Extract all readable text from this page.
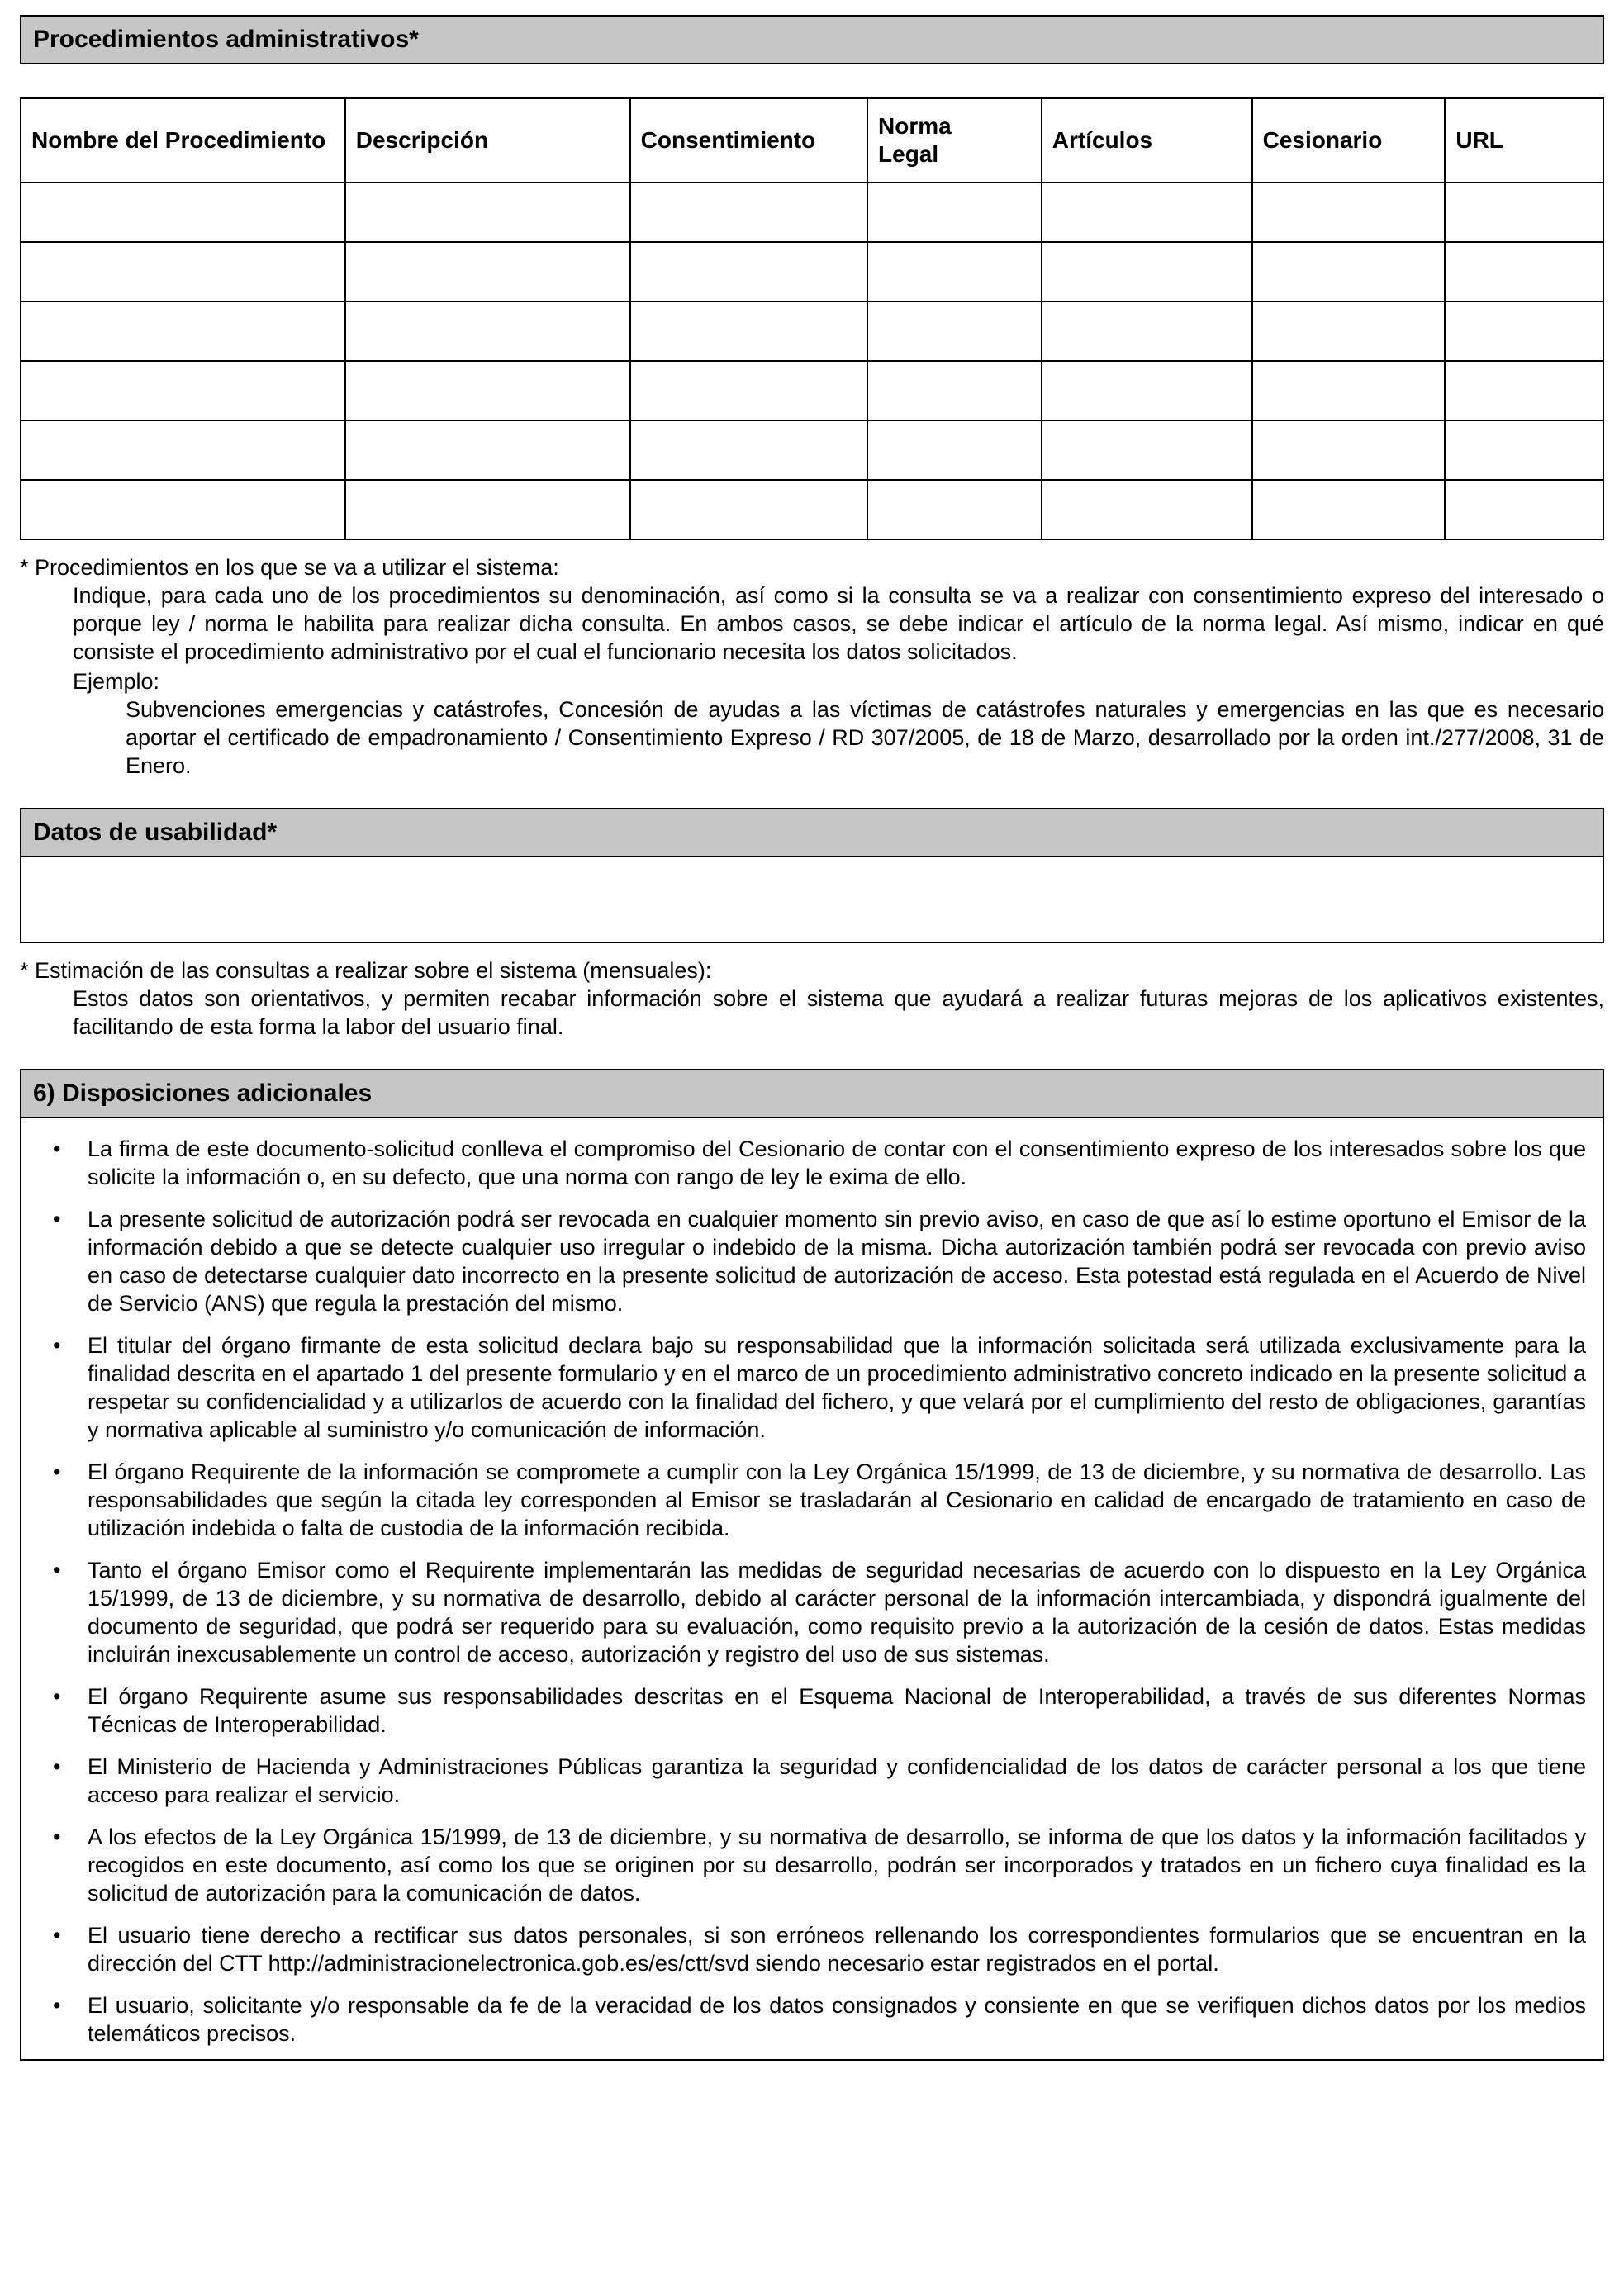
Procedimientos administrativos*
Nombre del Procedimiento	Descripción	Consentimiento	Norma Legal	Artículos	Cesionario	URL

* Procedimientos en los que se va a utilizar el sistema:

Indique, para cada uno de los procedimientos su denominación, así como si la consulta se va a realizar con consentimiento expreso del interesado o porque ley / norma le habilita para realizar dicha consulta. En ambos casos, se debe indicar el artículo de la norma legal. Así mismo, indicar en qué consiste el procedimiento administrativo por el cual el funcionario necesita los datos solicitados.

Ejemplo:

Subvenciones emergencias y catástrofes, Concesión de ayudas a las víctimas de catástrofes naturales y emergencias en las que es necesario aportar el certificado de empadronamiento / Consentimiento Expreso / RD 307/2005, de 18 de Marzo, desarrollado por la orden int./277/2008, 31 de Enero.

Datos de usabilidad*

* Estimación de las consultas a realizar sobre el sistema (mensuales):

Estos datos son orientativos, y permiten recabar información sobre el sistema que ayudará a realizar futuras mejoras de los aplicativos existentes, facilitando de esta forma la labor del usuario final.

6) Disposiciones adicionales
•	La firma de este documento-solicitud conlleva el compromiso del Cesionario de contar con el consentimiento expreso de los interesados sobre los que solicite la información o, en su defecto, que una norma con rango de ley le exima de ello.
•	La presente solicitud de autorización podrá ser revocada en cualquier momento sin previo aviso, en caso de que así lo estime oportuno el Emisor de la información debido a que se detecte cualquier uso irregular o indebido de la misma. Dicha autorización también podrá ser revocada con previo aviso en caso de detectarse cualquier dato incorrecto en la presente solicitud de autorización de acceso. Esta potestad está regulada en el Acuerdo de Nivel de Servicio (ANS) que regula la prestación del mismo.
•	El titular del órgano firmante de esta solicitud declara bajo su responsabilidad que la información solicitada será utilizada exclusivamente para la finalidad descrita en el apartado 1 del presente formulario y en el marco de un procedimiento administrativo concreto indicado en la presente solicitud a respetar su confidencialidad y a utilizarlos de acuerdo con la finalidad del fichero, y que velará por el cumplimiento del resto de obligaciones, garantías y normativa aplicable al suministro y/o comunicación de información.
•	El órgano Requirente de la información se compromete a cumplir con la Ley Orgánica 15/1999, de 13 de diciembre, y su normativa de desarrollo. Las responsabilidades que según la citada ley corresponden al Emisor se trasladarán al Cesionario en calidad de encargado de tratamiento en caso de utilización indebida o falta de custodia de la información recibida.
•	Tanto el órgano Emisor como el Requirente implementarán las medidas de seguridad necesarias de acuerdo con lo dispuesto en la Ley Orgánica 15/1999, de 13 de diciembre, y su normativa de desarrollo, debido al carácter personal de la información intercambiada, y dispondrá igualmente del documento de seguridad, que podrá ser requerido para su evaluación, como requisito previo a la autorización de la cesión de datos. Estas medidas incluirán inexcusablemente un control de acceso, autorización y registro del uso de sus sistemas.
•	El órgano Requirente asume sus responsabilidades descritas en el Esquema Nacional de Interoperabilidad, a través de sus diferentes Normas Técnicas de Interoperabilidad.
•	El Ministerio de Hacienda y Administraciones Públicas garantiza la seguridad y confidencialidad de los datos de carácter personal a los que tiene acceso para realizar el servicio.
•	A los efectos de la Ley Orgánica 15/1999, de 13 de diciembre, y su normativa de desarrollo, se informa de que los datos y la información facilitados y recogidos en este documento, así como los que se originen por su desarrollo, podrán ser incorporados y tratados en un fichero cuya finalidad es la solicitud de autorización para la comunicación de datos.
•	El usuario tiene derecho a rectificar sus datos personales, si son erróneos rellenando los correspondientes formularios que se encuentran en la dirección del CTT http://administracionelectronica.gob.es/es/ctt/svd siendo necesario estar registrados en el portal.
•	El usuario, solicitante y/o responsable da fe de la veracidad de los datos consignados y consiente en que se verifiquen dichos datos por los medios telemáticos precisos.
